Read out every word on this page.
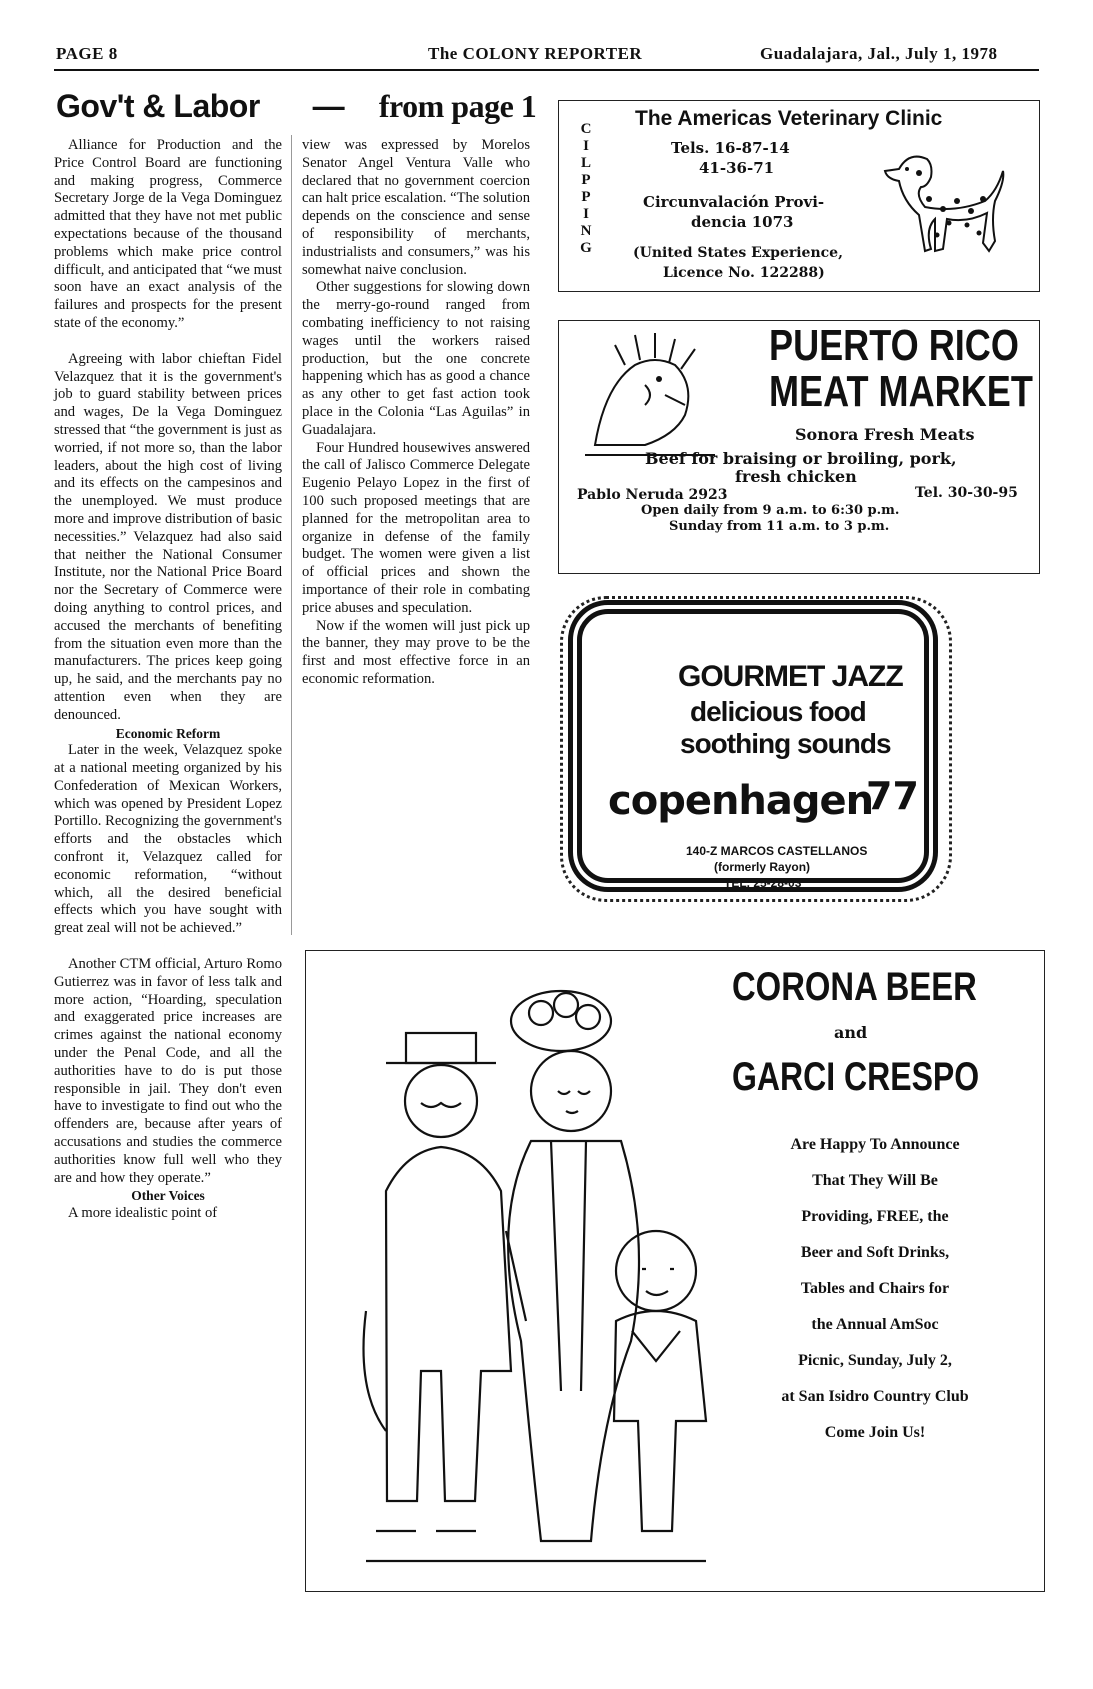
PAGE 8	The COLONY REPORTER	Guadalajara, Jal., July 1, 1978
Gov't & Labor — from page 1

Alliance for Production and the Price Control Board are functioning and making progress, Commerce Secretary Jorge de la Vega Dominguez admitted that they have not met public expectations because of the thousand problems which make price control difficult, and anticipated that “we must soon have an exact analysis of the failures and prospects for the present state of the economy.”

Agreeing with labor chieftan Fidel Velazquez that it is the government's job to guard stability between prices and wages, De la Vega Dominguez stressed that “the government is just as worried, if not more so, than the labor leaders, about the high cost of living and its effects on the campesinos and the unemployed. We must produce more and improve distribution of basic necessities.” Velazquez had also said that neither the National Consumer Institute, nor the National Price Board nor the Secretary of Commerce were doing anything to control prices, and accused the merchants of benefiting from the situation even more than the manufacturers. The prices keep going up, he said, and the merchants pay no attention even when they are denounced.

Economic Reform

Later in the week, Velazquez spoke at a national meeting organized by his Confederation of Mexican Workers, which was opened by President Lopez Portillo. Recognizing the government's efforts and the obstacles which confront it, Velazquez called for economic reformation, “without which, all the desired beneficial effects which you have sought with great zeal will not be achieved.”

Another CTM official, Arturo Romo Gutierrez was in favor of less talk and more action, “Hoarding, speculation and exaggerated price increases are crimes against the national economy under the Penal Code, and all the authorities have to do is put those responsible in jail. They don't even have to investigate to find out who the offenders are, because after years of accusations and studies the commerce authorities know full well who they are and how they operate.”

Other Voices

A more idealistic point of

view was expressed by Morelos Senator Angel Ventura Valle who declared that no government coercion can halt price escalation. “The solution depends on the conscience and sense of responsibility of merchants, industrialists and consumers,” was his somewhat naive conclusion.

Other suggestions for slowing down the merry-go-round ranged from combating inefficiency to not raising wages until the workers raised production, but the one concrete happening which has as good a chance as any other to get fast action took place in the Colonia “Las Aguilas” in Guadalajara.

Four Hundred housewives answered the call of Jalisco Commerce Delegate Eugenio Pelayo Lopez in the first of 100 such proposed meetings that are planned for the metropolitan area to organize in defense of the family budget. The women were given a list of official prices and shown the importance of their role in combating price abuses and speculation.

Now if the women will just pick up the banner, they may prove to be the first and most effective force in an economic reformation.

C
I
L
P
P
I
N
G
The Americas Veterinary Clinic
Tels. 16-87-14
41-36-71
Circunvalación Provi-
dencia 1073
(United States Experience,
Licence No. 122288)
PUERTO RICO
MEAT MARKET
Sonora Fresh Meats
Beef for braising or broiling, pork,
fresh chicken
Pablo Neruda 2923	Tel. 30-30-95
Open daily from 9 a.m. to 6:30 p.m.
Sunday from 11 a.m. to 3 p.m.
GOURMET JAZZ
delicious food
soothing sounds
copenhagen
77
140-Z MARCOS CASTELLANOS
(formerly Rayon)
TEL. 25-28-03
CORONA BEER
and
GARCI CRESPO
Are Happy To Announce
That They Will Be
Providing, FREE, the
Beer and Soft Drinks,
Tables and Chairs for
the Annual AmSoc
Picnic, Sunday, July 2,
at San Isidro Country Club
Come Join Us!
